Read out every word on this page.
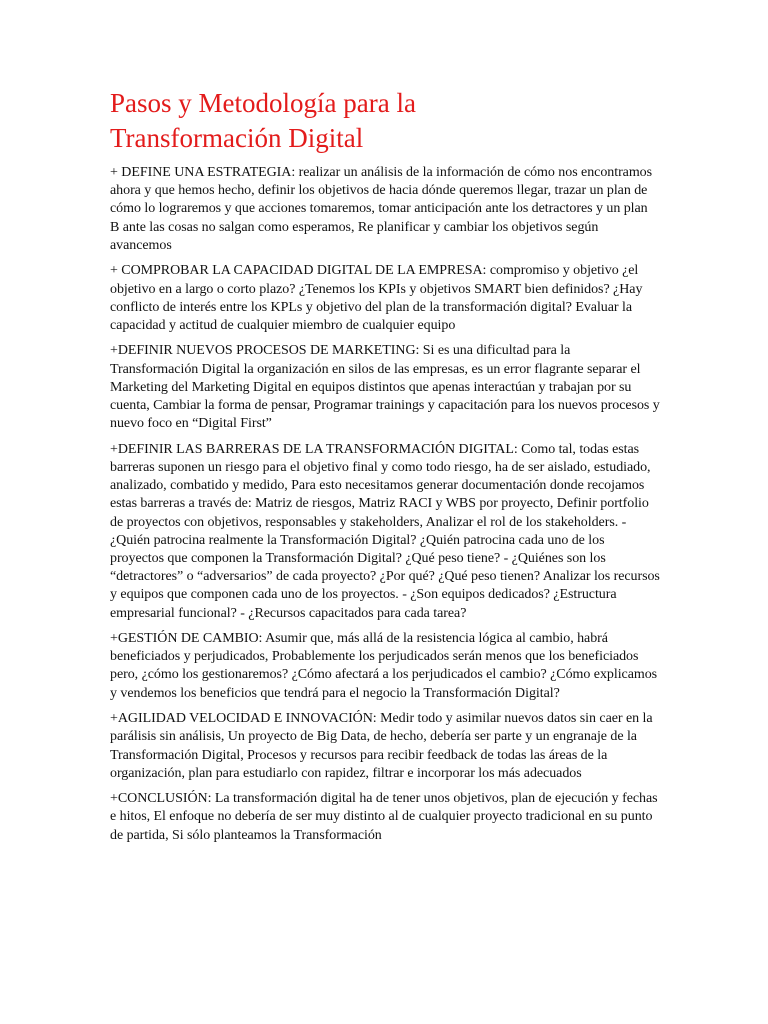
Pasos y Metodología para la
Transformación Digital

+ DEFINE UNA ESTRATEGIA: realizar un análisis de la información de cómo nos encontramos ahora y que hemos hecho, definir los objetivos de hacia dónde queremos llegar, trazar un plan de cómo lo lograremos y que acciones tomaremos, tomar anticipación ante los detractores y un plan B ante las cosas no salgan como esperamos, Re planificar y cambiar los objetivos según avancemos

+ COMPROBAR LA CAPACIDAD DIGITAL DE LA EMPRESA: compromiso y objetivo ¿el objetivo en a largo o corto plazo? ¿Tenemos los KPIs y objetivos SMART bien definidos? ¿Hay conflicto de interés entre los KPLs y objetivo del plan de la transformación digital? Evaluar la capacidad y actitud de cualquier miembro de cualquier equipo

+DEFINIR NUEVOS PROCESOS DE MARKETING: Si es una dificultad para la Transformación Digital la organización en silos de las empresas, es un error flagrante separar el Marketing del Marketing Digital en equipos distintos que apenas interactúan y trabajan por su cuenta, Cambiar la forma de pensar, Programar trainings y capacitación para los nuevos procesos y nuevo foco en “Digital First”

+DEFINIR LAS BARRERAS DE LA TRANSFORMACIÓN DIGITAL: Como tal, todas estas barreras suponen un riesgo para el objetivo final y como todo riesgo, ha de ser aislado, estudiado, analizado, combatido y medido, Para esto necesitamos generar documentación donde recojamos estas barreras a través de: Matriz de riesgos, Matriz RACI y WBS por proyecto, Definir portfolio de proyectos con objetivos, responsables y stakeholders, Analizar el rol de los stakeholders. - ¿Quién patrocina realmente la Transformación Digital? ¿Quién patrocina cada uno de los proyectos que componen la Transformación Digital? ¿Qué peso tiene? - ¿Quiénes son los “detractores” o “adversarios” de cada proyecto? ¿Por qué? ¿Qué peso tienen? Analizar los recursos y equipos que componen cada uno de los proyectos. - ¿Son equipos dedicados? ¿Estructura empresarial funcional? - ¿Recursos capacitados para cada tarea?

+GESTIÓN DE CAMBIO: Asumir que, más allá de la resistencia lógica al cambio, habrá beneficiados y perjudicados, Probablemente los perjudicados serán menos que los beneficiados pero, ¿cómo los gestionaremos? ¿Cómo afectará a los perjudicados el cambio? ¿Cómo explicamos y vendemos los beneficios que tendrá para el negocio la Transformación Digital?

+AGILIDAD VELOCIDAD E INNOVACIÓN: Medir todo y asimilar nuevos datos sin caer en la parálisis sin análisis, Un proyecto de Big Data, de hecho, debería ser parte y un engranaje de la Transformación Digital, Procesos y recursos para recibir feedback de todas las áreas de la organización, plan para estudiarlo con rapidez, filtrar e incorporar los más adecuados

+CONCLUSIÓN: La transformación digital ha de tener unos objetivos, plan de ejecución y fechas e hitos, El enfoque no debería de ser muy distinto al de cualquier proyecto tradicional en su punto de partida, Si sólo planteamos la Transformación
